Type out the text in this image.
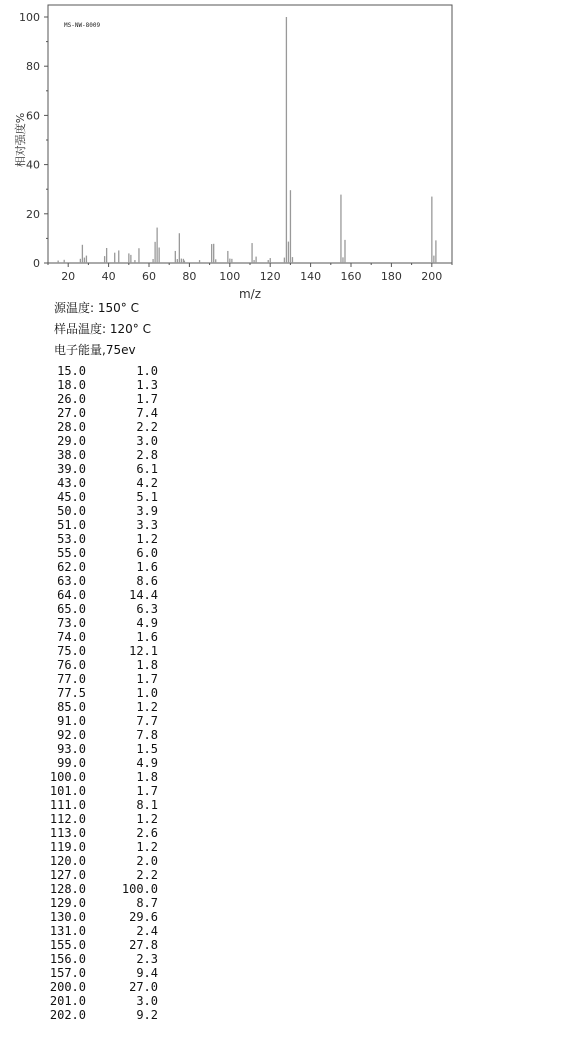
20 40 60 80 100 120 140 160 180 200
0
20
40
60
80
100
MS-NW-8009
m/z
相对强度%
源温度: 150° C
样品温度: 120° C
电子能量,75ev
15.0	1.0
18.0	1.3
26.0	1.7
27.0	7.4
28.0	2.2
29.0	3.0
38.0	2.8
39.0	6.1
43.0	4.2
45.0	5.1
50.0	3.9
51.0	3.3
53.0	1.2
55.0	6.0
62.0	1.6
63.0	8.6
64.0	14.4
65.0	6.3
73.0	4.9
74.0	1.6
75.0	12.1
76.0	1.8
77.0	1.7
77.5	1.0
85.0	1.2
91.0	7.7
92.0	7.8
93.0	1.5
99.0	4.9
100.0	1.8
101.0	1.7
111.0	8.1
112.0	1.2
113.0	2.6
119.0	1.2
120.0	2.0
127.0	2.2
128.0	100.0
129.0	8.7
130.0	29.6
131.0	2.4
155.0	27.8
156.0	2.3
157.0	9.4
200.0	27.0
201.0	3.0
202.0	9.2
